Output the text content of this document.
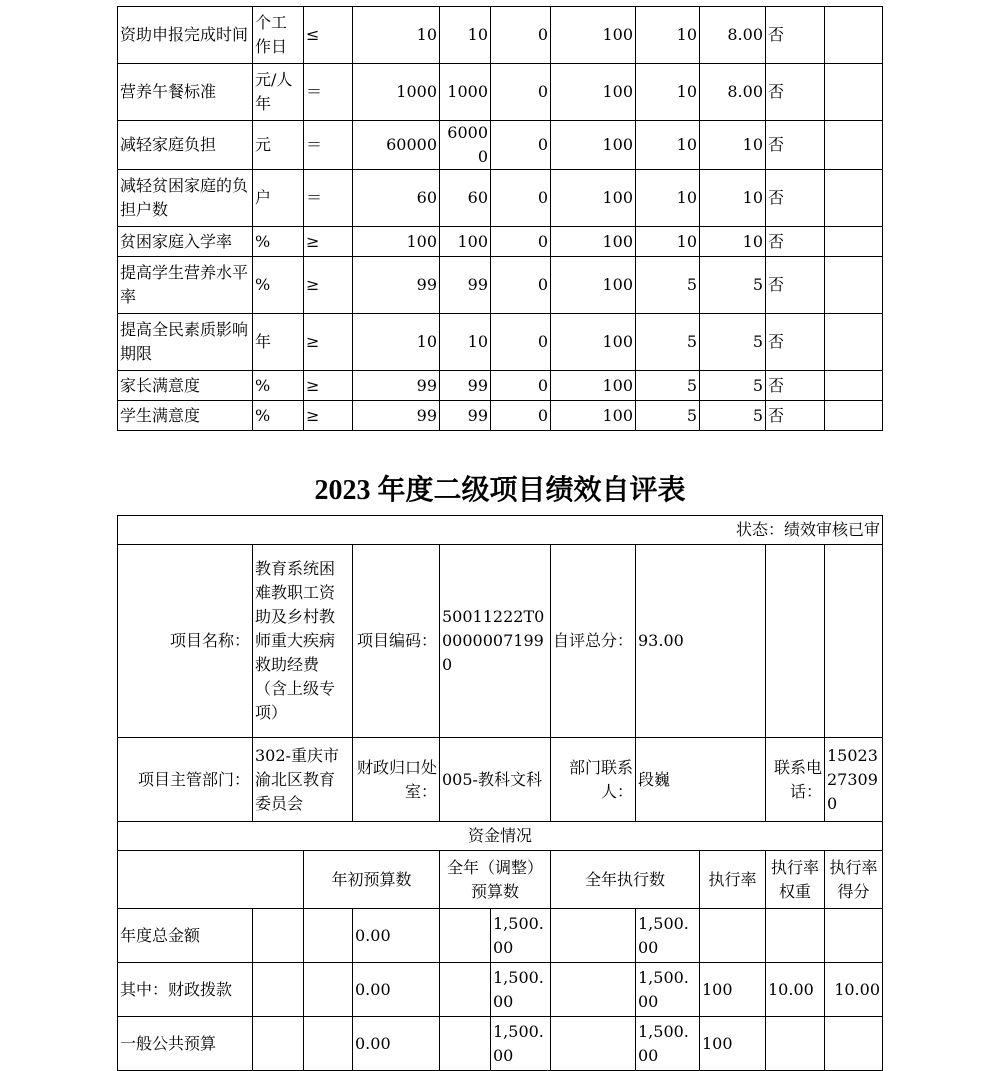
资助申报完成时间	个工作日	≤	10	10	0	100	10	8.00	否	
营养午餐标准	元/人年	＝	1000	1000	0	100	10	8.00	否	
减轻家庭负担	元	＝	60000	60000	0	100	10	10	否	
减轻贫困家庭的负担户数	户	＝	60	60	0	100	10	10	否	
贫困家庭入学率	%	≥	100	100	0	100	10	10	否	
提高学生营养水平率	%	≥	99	99	0	100	5	5	否	
提高全民素质影响期限	年	≥	10	10	0	100	5	5	否	
家长满意度	%	≥	99	99	0	100	5	5	否	
学生满意度	%	≥	99	99	0	100	5	5	否	
2023 年度二级项目绩效自评表
状态：绩效审核已审										
项目名称：	教育系统困难教职工资助及乡村教师重大疾病救助经费（含上级专项）		项目编码：	50011222T000000071990		自评总分：	93.00			
项目主管部门：	302-重庆市渝北区教育委员会		财政归口处室：	005-教科文科		部门联系人：	段巍		联系电话：	15023273090
资金情况										
		年初预算数		全年（调整）预算数		全年执行数		执行率	执行率权重	执行率得分
年度总金额			0.00		1,500.00		1,500.00			
其中：财政拨款			0.00		1,500.00		1,500.00	100	10.00	10.00
一般公共预算			0.00		1,500.00		1,500.00	100		
